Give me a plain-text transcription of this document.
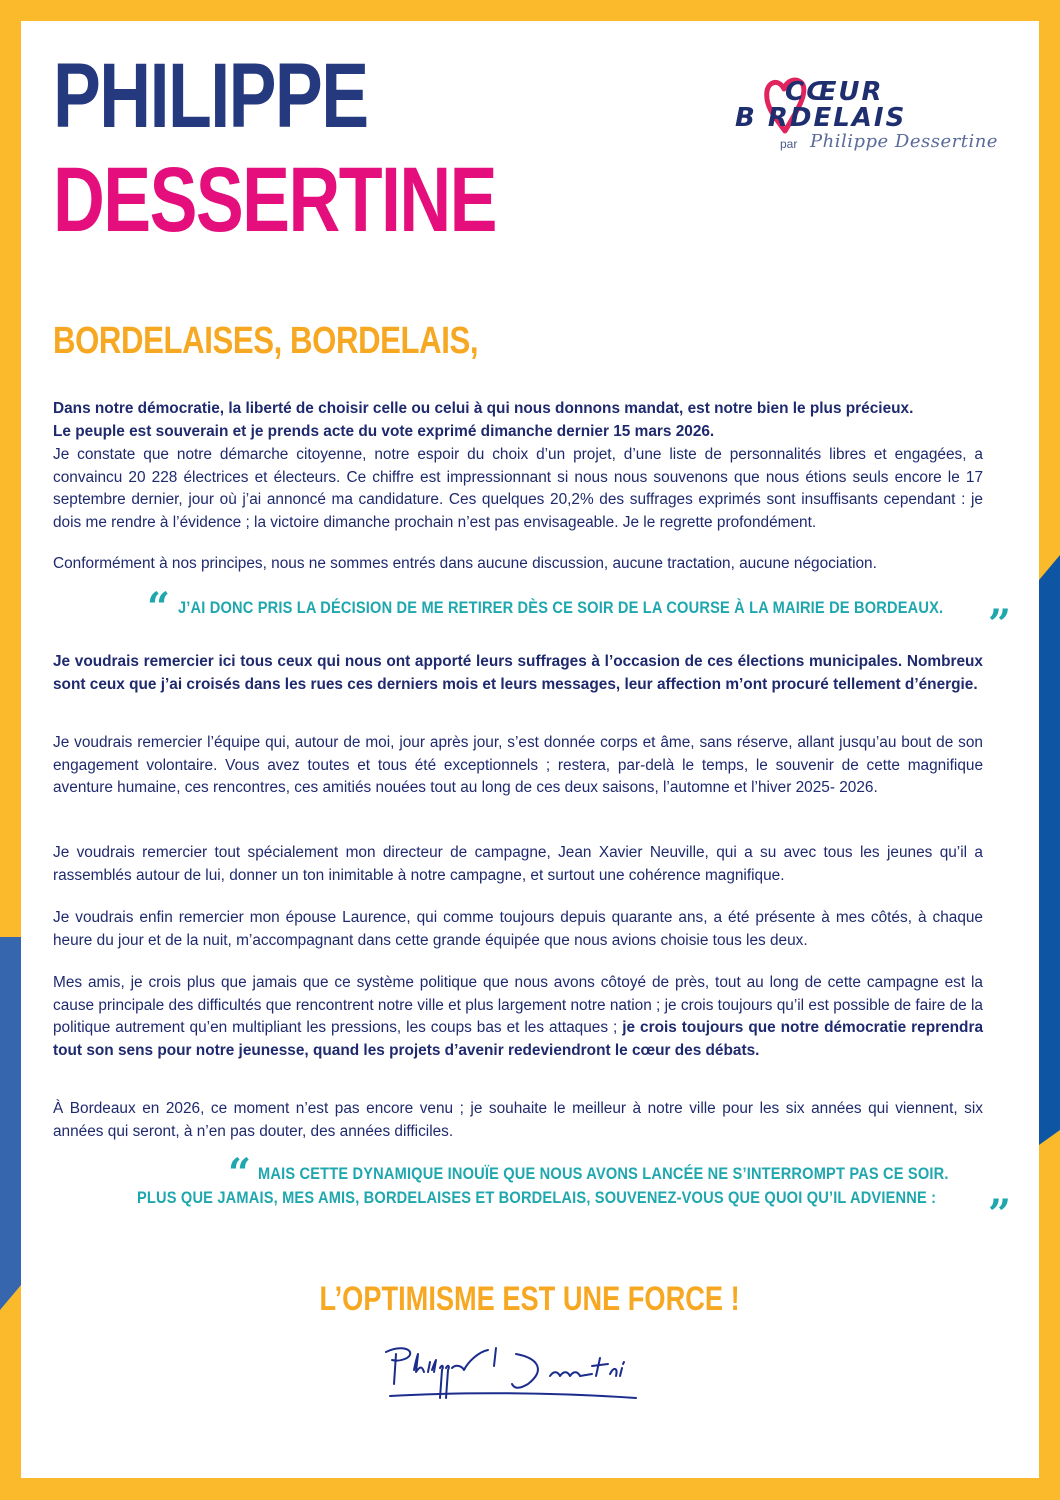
PHILIPPE
DESSERTINE
CŒUR
B RDELAIS
par Philippe Dessertine
BORDELAISES, BORDELAIS,
Dans notre démocratie, la liberté de choisir celle ou celui à qui nous donnons mandat, est notre bien le plus précieux.
Le peuple est souverain et je prends acte du vote exprimé dimanche dernier 15 mars 2026.
Je constate que notre démarche citoyenne, notre espoir du choix d’un projet, d’une liste de personnalités libres et engagées, a convaincu 20 228 électrices et électeurs. Ce chiffre est impressionnant si nous nous souvenons que nous étions seuls encore le 17 septembre dernier, jour où j’ai annoncé ma candidature. Ces quelques 20,2% des suffrages exprimés sont insuffisants cependant : je dois me rendre à l’évidence ; la victoire dimanche prochain n’est pas envisageable. Je le regrette profondément.
Conformément à nos principes, nous ne sommes entrés dans aucune discussion, aucune tractation, aucune négociation.
“ J’AI DONC PRIS LA DÉCISION DE ME RETIRER DÈS CE SOIR DE LA COURSE À LA MAIRIE DE BORDEAUX. ”
Je voudrais remercier ici tous ceux qui nous ont apporté leurs suffrages à l’occasion de ces élections municipales. Nombreux sont ceux que j’ai croisés dans les rues ces derniers mois et leurs messages, leur affection m’ont procuré tellement d’énergie.
Je voudrais remercier l’équipe qui, autour de moi, jour après jour, s’est donnée corps et âme, sans réserve, allant jusqu’au bout de son engagement volontaire. Vous avez toutes et tous été exceptionnels ; restera, par-delà le temps, le souvenir de cette magnifique aventure humaine, ces rencontres, ces amitiés nouées tout au long de ces deux saisons, l’automne et l’hiver 2025- 2026.
Je voudrais remercier tout spécialement mon directeur de campagne, Jean Xavier Neuville, qui a su avec tous les jeunes qu’il a rassemblés autour de lui, donner un ton inimitable à notre campagne, et surtout une cohérence magnifique.
Je voudrais enfin remercier mon épouse Laurence, qui comme toujours depuis quarante ans, a été présente à mes côtés, à chaque heure du jour et de la nuit, m’accompagnant dans cette grande équipée que nous avions choisie tous les deux.
Mes amis, je crois plus que jamais que ce système politique que nous avons côtoyé de près, tout au long de cette campagne est la cause principale des difficultés que rencontrent notre ville et plus largement notre nation ; je crois toujours qu’il est possible de faire de la politique autrement qu’en multipliant les pressions, les coups bas et les attaques ; je crois toujours que notre démocratie reprendra tout son sens pour notre jeunesse, quand les projets d’avenir redeviendront le cœur des débats.
À Bordeaux en 2026, ce moment n’est pas encore venu ; je souhaite le meilleur à notre ville pour les six années qui viennent, six années qui seront, à n’en pas douter, des années difficiles.
“ MAIS CETTE DYNAMIQUE INOUÏE QUE NOUS AVONS LANCÉE NE S’INTERROMPT PAS CE SOIR.
PLUS QUE JAMAIS, MES AMIS, BORDELAISES ET BORDELAIS, SOUVENEZ-VOUS QUE QUOI QU’IL ADVIENNE : ”
L’OPTIMISME EST UNE FORCE !
